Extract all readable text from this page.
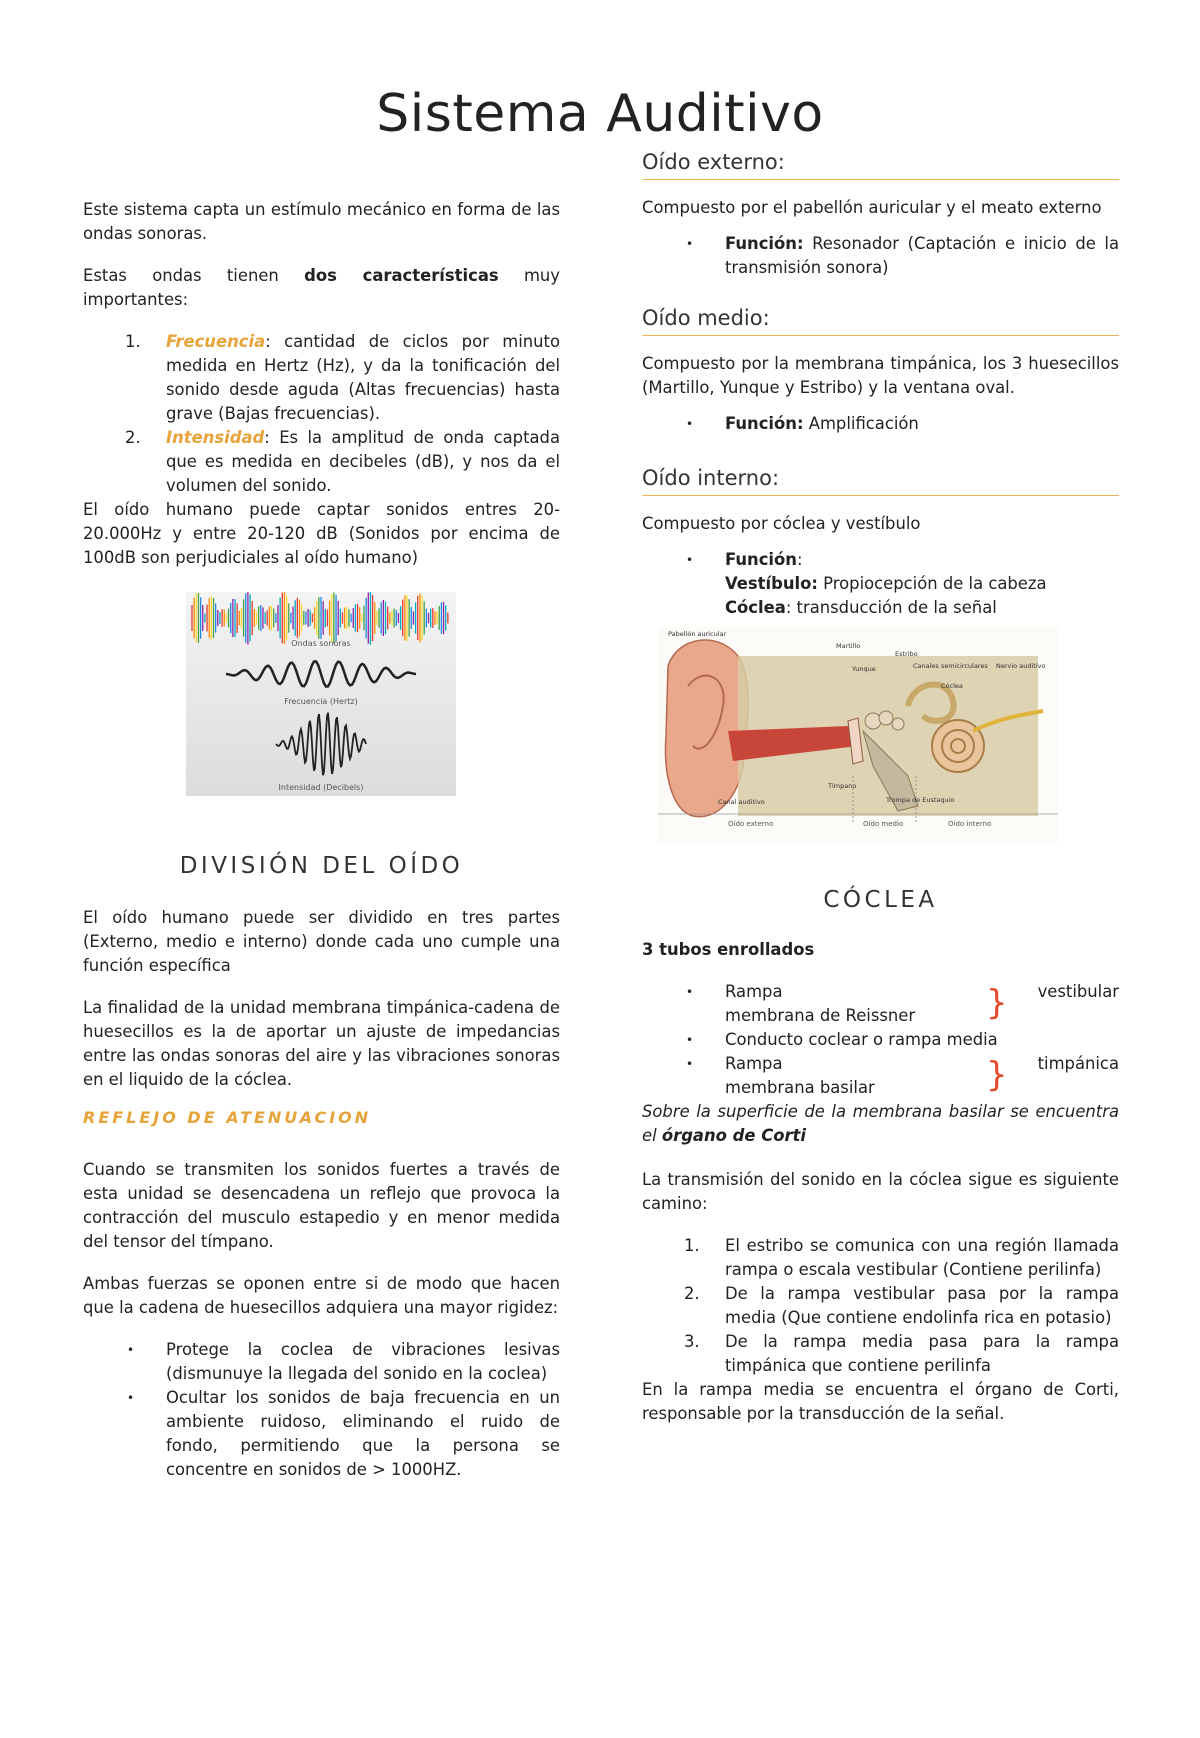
Sistema Auditivo

Este sistema capta un estímulo mecánico en forma de las ondas sonoras.

Estas ondas tienen dos características muy importantes:

1. Frecuencia: cantidad de ciclos por minuto medida en Hertz (Hz), y da la tonificación del sonido desde aguda (Altas frecuencias) hasta grave (Bajas frecuencias).
2. Intensidad: Es la amplitud de onda captada que es medida en decibeles (dB), y nos da el volumen del sonido.

El oído humano puede captar sonidos entres 20-20.000Hz y entre 20-120 dB (Sonidos por encima de 100dB son perjudiciales al oído humano)

Ondas sonoras
Frecuencia (Hertz)
Intensidad (Decibels)
DIVISIÓN DEL OÍDO

El oído humano puede ser dividido en tres partes (Externo, medio e interno) donde cada uno cumple una función específica

La finalidad de la unidad membrana timpánica-cadena de huesecillos es la de aportar un ajuste de impedancias entre las ondas sonoras del aire y las vibraciones sonoras en el liquido de la cóclea.

REFLEJO DE ATENUACION

Cuando se transmiten los sonidos fuertes a través de esta unidad se desencadena un reflejo que provoca la contracción del musculo estapedio y en menor medida del tensor del tímpano.

Ambas fuerzas se oponen entre si de modo que hacen que la cadena de huesecillos adquiera una mayor rigidez:

• Protege la coclea de vibraciones lesivas (dismunuye la llegada del sonido en la coclea)
• Ocultar los sonidos de baja frecuencia en un ambiente ruidoso, eliminando el ruido de fondo, permitiendo que la persona se concentre en sonidos de > 1000HZ.
Oído externo:

Compuesto por el pabellón auricular y el meato externo

• Función: Resonador (Captación e inicio de la transmisión sonora)
Oído medio:

Compuesto por la membrana timpánica, los 3 huesecillos (Martillo, Yunque y Estribo) y la ventana oval.

• Función: Amplificación
Oído interno:

Compuesto por cóclea y vestíbulo

• Función:
Vestíbulo: Propiocepción de la cabeza
Cóclea: transducción de la señal
Pabellón auricular
Martillo
Yunque
Estribo
Canales semicirculares
Cóclea
Nervio auditivo
Tímpano
Trompa de Eustaquio
Canal auditivo
Oído externo	Oído medio	Oído interno
CÓCLEA

3 tubos enrollados

• Rampa
membrana de Reissner } vestibular
• Conducto coclear o rampa media
• Rampa
membrana basilar	} timpánica

Sobre la superficie de la membrana basilar se encuentra el órgano de Corti

La transmisión del sonido en la cóclea sigue es siguiente camino:

1. El estribo se comunica con una región llamada rampa o escala vestibular (Contiene perilinfa)
2. De la rampa vestibular pasa por la rampa media (Que contiene endolinfa rica en potasio)
3. De la rampa media pasa para la rampa timpánica que contiene perilinfa

En la rampa media se encuentra el órgano de Corti, responsable por la transducción de la señal.
